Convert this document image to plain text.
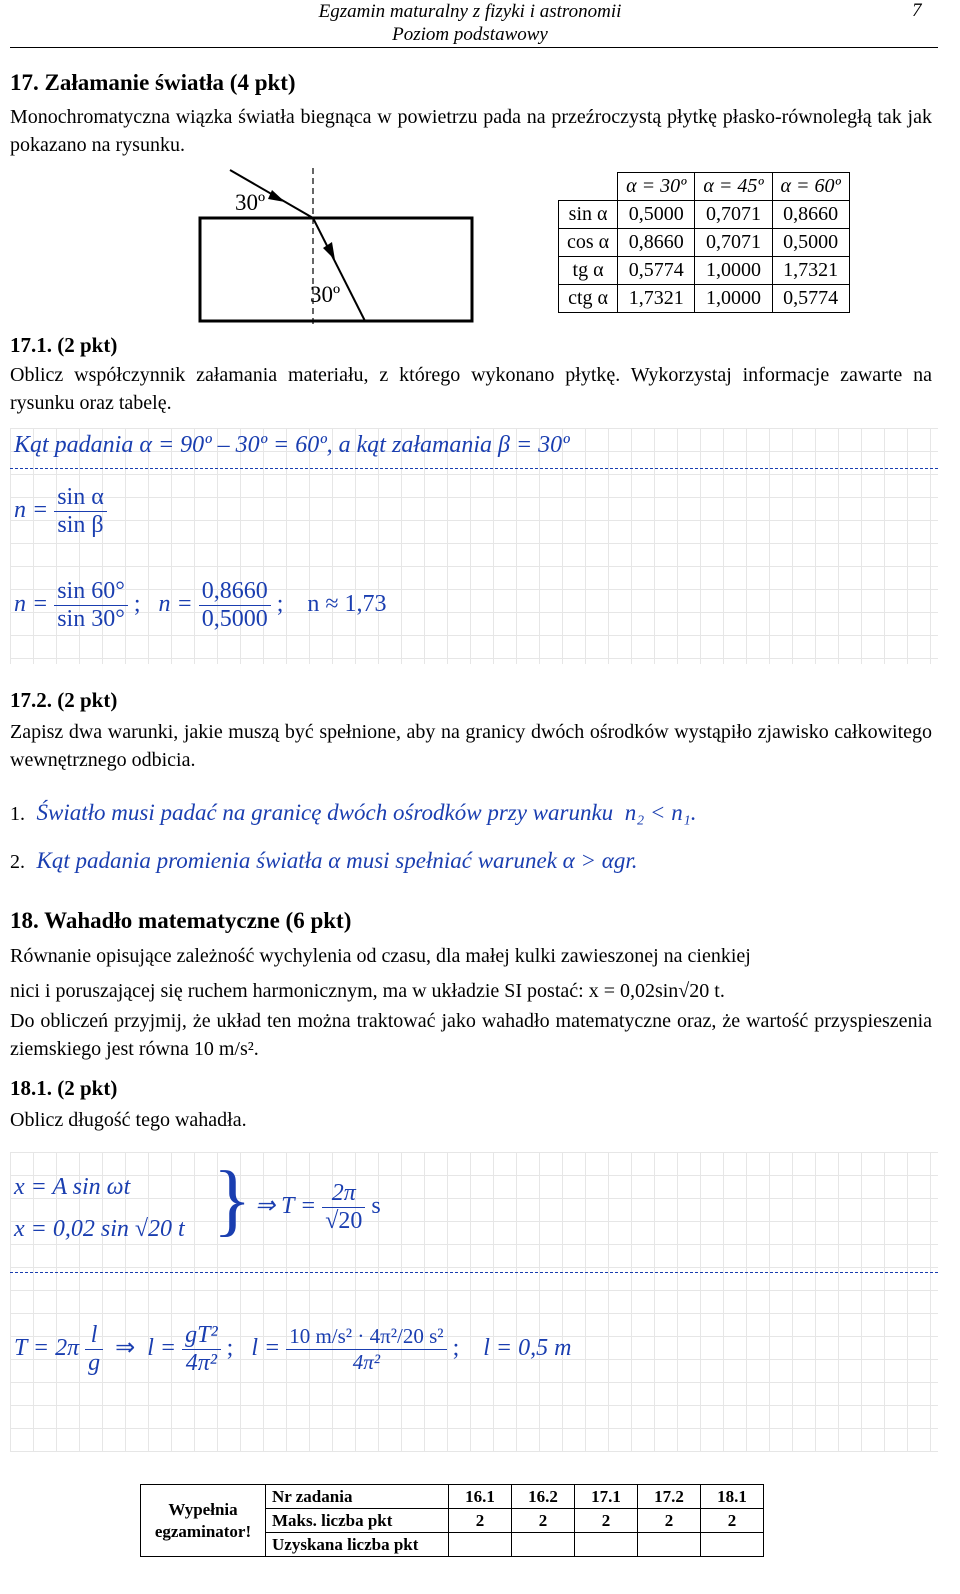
Egzamin maturalny z fizyki i astronomii
Poziom podstawowy
7
17. Załamanie światła (4 pkt)
Monochromatyczna wiązka światła biegnąca w powietrzu pada na przeźroczystą płytkę płasko-równoległą tak jak pokazano na rysunku.
30º
30º
	α = 30º	α = 45º	α = 60º
sin α	0,5000	0,7071	0,8660
cos α	0,8660	0,7071	0,5000
tg α	0,5774	1,0000	1,7321
ctg α	1,7321	1,0000	0,5774
17.1. (2 pkt)
Oblicz współczynnik załamania materiału, z którego wykonano płytkę. Wykorzystaj informacje zawarte na rysunku oraz tabelę.
Kąt padania α = 90º – 30º = 60º, a kąt załamania β = 30º
$n = \frac{\text{sin α}}{\text{sin β}}$
$n = \frac{\sin 60^\circ}{\sin 30^\circ}$ ; $n = \frac{0,8660}{0,5000}$ ; n ≈ 1,73
17.2. (2 pkt)
Zapisz dwa warunki, jakie muszą być spełnione, aby na granicy dwóch ośrodków wystąpiło zjawisko całkowitego wewnętrznego odbicia.
1. Światło musi padać na granicę dwóch ośrodków przy warunku n₂ < n₁.
2. Kąt padania promienia światła α musi spełniać warunek α > αgr.
18. Wahadło matematyczne (6 pkt)
Równanie opisujące zależność wychylenia od czasu, dla małej kulki zawieszonej na cienkiej
nici i poruszającej się ruchem harmonicznym, ma w układzie SI postać: x = 0,02sin√20 t.
Do obliczeń przyjmij, że układ ten można traktować jako wahadło matematyczne oraz, że wartość przyspieszenia ziemskiego jest równa 10 m/s².
18.1. (2 pkt)
Oblicz długość tego wahadła.
x = A sin ωt
x = 0,02 sin √20 t } ⇒ $T = \frac{2\pi}{√20}$ s
$T = 2\pi \frac{l}{g}$ ⇒ $l = \frac{\text{gT²}}{\text{4π²}}$ ; $l = \frac{\text{10 m/s² · 4π²/20 s²}}{\text{4π²}}$ ; l = 0,5 m
Wypełnia egzaminator!	Nr zadania	16.1	16.2	17.1	17.2	18.1
	Maks. liczba pkt	2	2	2	2	2
	Uzyskana liczba pkt					
